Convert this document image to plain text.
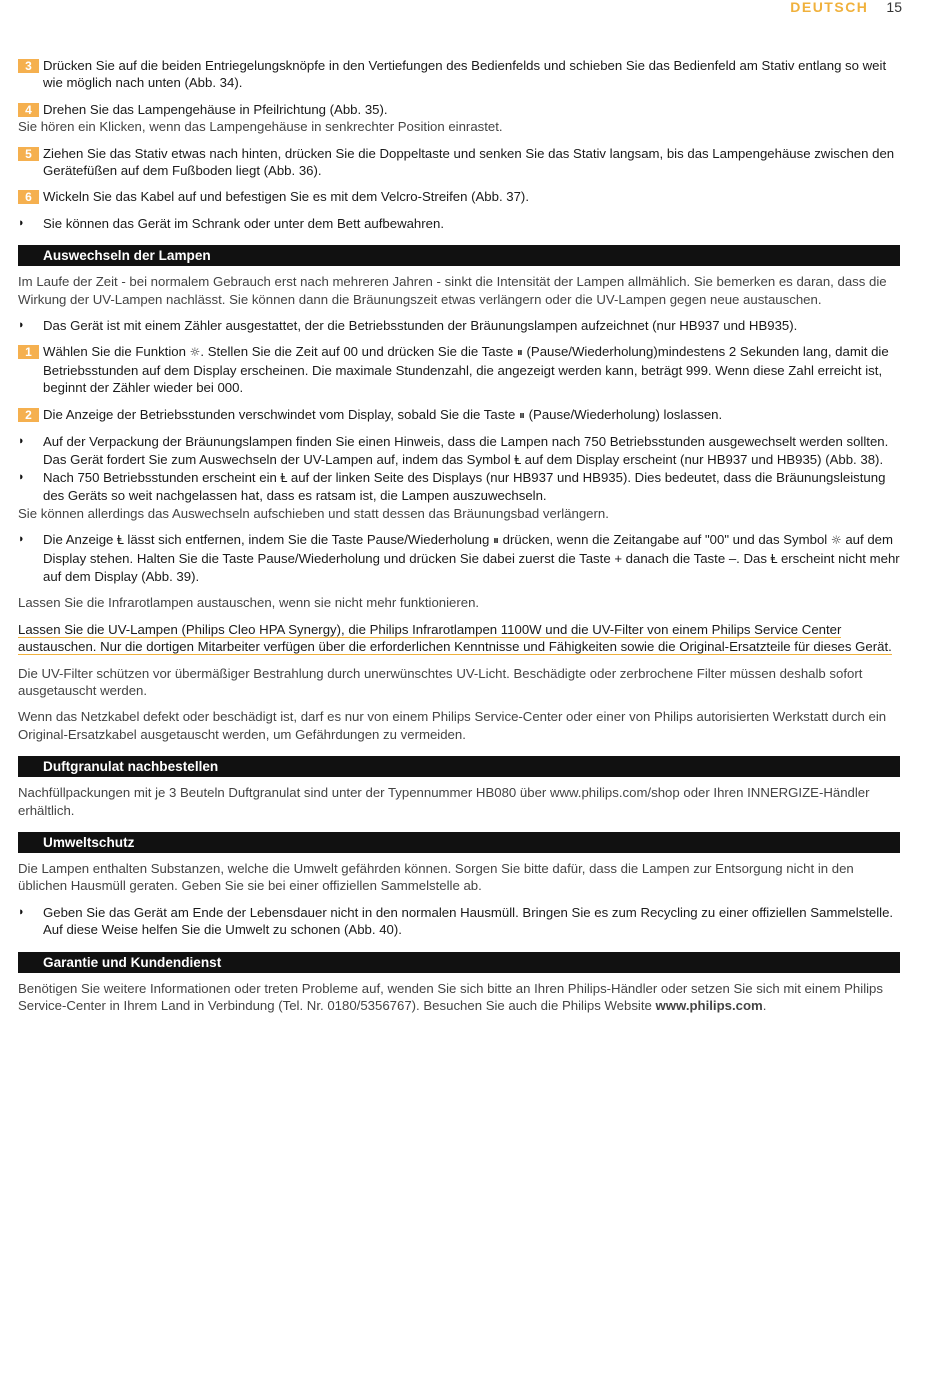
DEUTSCH 15
3 Drücken Sie auf die beiden Entriegelungsknöpfe in den Vertiefungen des Bedienfelds und schieben Sie das Bedienfeld am Stativ entlang so weit wie möglich nach unten (Abb. 34).
4 Drehen Sie das Lampengehäuse in Pfeilrichtung (Abb. 35).
Sie hören ein Klicken, wenn das Lampengehäuse in senkrechter Position einrastet.
5 Ziehen Sie das Stativ etwas nach hinten, drücken Sie die Doppeltaste und senken Sie das Stativ langsam, bis das Lampengehäuse zwischen den Gerätefüßen auf dem Fußboden liegt (Abb. 36).
6 Wickeln Sie das Kabel auf und befestigen Sie es mit dem Velcro-Streifen (Abb. 37).
◗ Sie können das Gerät im Schrank oder unter dem Bett aufbewahren.
Auswechseln der Lampen
Im Laufe der Zeit - bei normalem Gebrauch erst nach mehreren Jahren - sinkt die Intensität der Lampen allmählich. Sie bemerken es daran, dass die Wirkung der UV-Lampen nachlässt. Sie können dann die Bräunungszeit etwas verlängern oder die UV-Lampen gegen neue austauschen.
◗ Das Gerät ist mit einem Zähler ausgestattet, der die Betriebsstunden der Bräunungslampen aufzeichnet (nur HB937 und HB935).
1 Wählen Sie die Funktion ☼. Stellen Sie die Zeit auf 00 und drücken Sie die Taste ⏸ (Pause/Wiederholung)mindestens 2 Sekunden lang, damit die Betriebsstunden auf dem Display erscheinen. Die maximale Stundenzahl, die angezeigt werden kann, beträgt 999. Wenn diese Zahl erreicht ist, beginnt der Zähler wieder bei 000.
2 Die Anzeige der Betriebsstunden verschwindet vom Display, sobald Sie die Taste ⏸ (Pause/Wiederholung) loslassen.
◗ Auf der Verpackung der Bräunungslampen finden Sie einen Hinweis, dass die Lampen nach 750 Betriebsstunden ausgewechselt werden sollten. Das Gerät fordert Sie zum Auswechseln der UV-Lampen auf, indem das Symbol Ⱡ auf dem Display erscheint (nur HB937 und HB935) (Abb. 38).
◗ Nach 750 Betriebsstunden erscheint ein Ⱡ auf der linken Seite des Displays (nur HB937 und HB935). Dies bedeutet, dass die Bräunungsleistung des Geräts so weit nachgelassen hat, dass es ratsam ist, die Lampen auszuwechseln.
Sie können allerdings das Auswechseln aufschieben und statt dessen das Bräunungsbad verlängern.
◗ Die Anzeige Ⱡ lässt sich entfernen, indem Sie die Taste Pause/Wiederholung ⏸ drücken, wenn die Zeitangabe auf "00" und das Symbol ☼ auf dem Display stehen. Halten Sie die Taste Pause/Wiederholung und drücken Sie dabei zuerst die Taste + danach die Taste –. Das Ⱡ erscheint nicht mehr auf dem Display (Abb. 39).
Lassen Sie die Infrarotlampen austauschen, wenn sie nicht mehr funktionieren.
Lassen Sie die UV-Lampen (Philips Cleo HPA Synergy), die Philips Infrarotlampen 1100W und die UV-Filter von einem Philips Service Center austauschen. Nur die dortigen Mitarbeiter verfügen über die erforderlichen Kenntnisse und Fähigkeiten sowie die Original-Ersatzteile für dieses Gerät.
Die UV-Filter schützen vor übermäßiger Bestrahlung durch unerwünschtes UV-Licht. Beschädigte oder zerbrochene Filter müssen deshalb sofort ausgetauscht werden.
Wenn das Netzkabel defekt oder beschädigt ist, darf es nur von einem Philips Service-Center oder einer von Philips autorisierten Werkstatt durch ein Original-Ersatzkabel ausgetauscht werden, um Gefährdungen zu vermeiden.
Duftgranulat nachbestellen
Nachfüllpackungen mit je 3 Beuteln Duftgranulat sind unter der Typennummer HB080 über www.philips.com/shop oder Ihren INNERGIZE-Händler erhältlich.
Umweltschutz
Die Lampen enthalten Substanzen, welche die Umwelt gefährden können. Sorgen Sie bitte dafür, dass die Lampen zur Entsorgung nicht in den üblichen Hausmüll geraten. Geben Sie sie bei einer offiziellen Sammelstelle ab.
◗ Geben Sie das Gerät am Ende der Lebensdauer nicht in den normalen Hausmüll. Bringen Sie es zum Recycling zu einer offiziellen Sammelstelle. Auf diese Weise helfen Sie die Umwelt zu schonen (Abb. 40).
Garantie und Kundendienst
Benötigen Sie weitere Informationen oder treten Probleme auf, wenden Sie sich bitte an Ihren Philips-Händler oder setzen Sie sich mit einem Philips Service-Center in Ihrem Land in Verbindung (Tel. Nr. 0180/5356767). Besuchen Sie auch die Philips Website www.philips.com.
